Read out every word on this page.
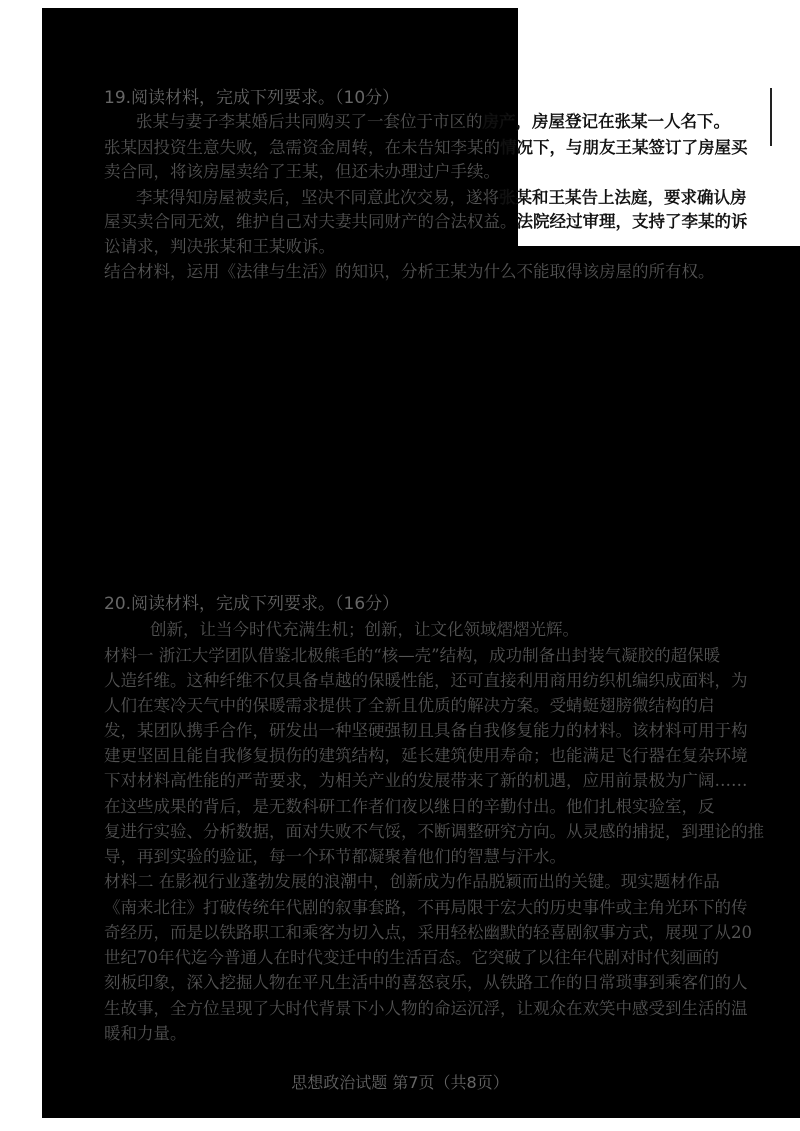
19.阅读材料，完成下列要求。（10分）
张某与妻子李某婚后共同购买了一套位于市区的房产，房屋登记在张某一人名下。
张某因投资生意失败，急需资金周转，在未告知李某的情况下，与朋友王某签订了房屋买
卖合同，将该房屋卖给了王某，但还未办理过户手续。
李某得知房屋被卖后，坚决不同意此次交易，遂将张某和王某告上法庭，要求确认房
屋买卖合同无效，维护自己对夫妻共同财产的合法权益。法院经过审理，支持了李某的诉
讼请求，判决张某和王某败诉。
结合材料，运用《法律与生活》的知识，分析王某为什么不能取得该房屋的所有权。
20.阅读材料，完成下列要求。（16分）
创新，让当今时代充满生机；创新，让文化领域熠熠光辉。
材料一 浙江大学团队借鉴北极熊毛的“核—壳”结构，成功制备出封装气凝胶的超保暖
人造纤维。这种纤维不仅具备卓越的保暖性能，还可直接利用商用纺织机编织成面料，为
人们在寒冷天气中的保暖需求提供了全新且优质的解决方案。受蜻蜓翅膀微结构的启
发，某团队携手合作，研发出一种坚硬强韧且具备自我修复能力的材料。该材料可用于构
建更坚固且能自我修复损伤的建筑结构，延长建筑使用寿命；也能满足飞行器在复杂环境
下对材料高性能的严苛要求，为相关产业的发展带来了新的机遇，应用前景极为广阔……
在这些成果的背后，是无数科研工作者们夜以继日的辛勤付出。他们扎根实验室，反
复进行实验、分析数据，面对失败不气馁，不断调整研究方向。从灵感的捕捉，到理论的推
导，再到实验的验证，每一个环节都凝聚着他们的智慧与汗水。
材料二 在影视行业蓬勃发展的浪潮中，创新成为作品脱颖而出的关键。现实题材作品
《南来北往》打破传统年代剧的叙事套路，不再局限于宏大的历史事件或主角光环下的传
奇经历，而是以铁路职工和乘客为切入点，采用轻松幽默的轻喜剧叙事方式，展现了从20
世纪70年代迄今普通人在时代变迁中的生活百态。它突破了以往年代剧对时代刻画的
刻板印象，深入挖掘人物在平凡生活中的喜怒哀乐，从铁路工作的日常琐事到乘客们的人
生故事，全方位呈现了大时代背景下小人物的命运沉浮，让观众在欢笑中感受到生活的温
暖和力量。
思想政治试题 第7页（共8页）
